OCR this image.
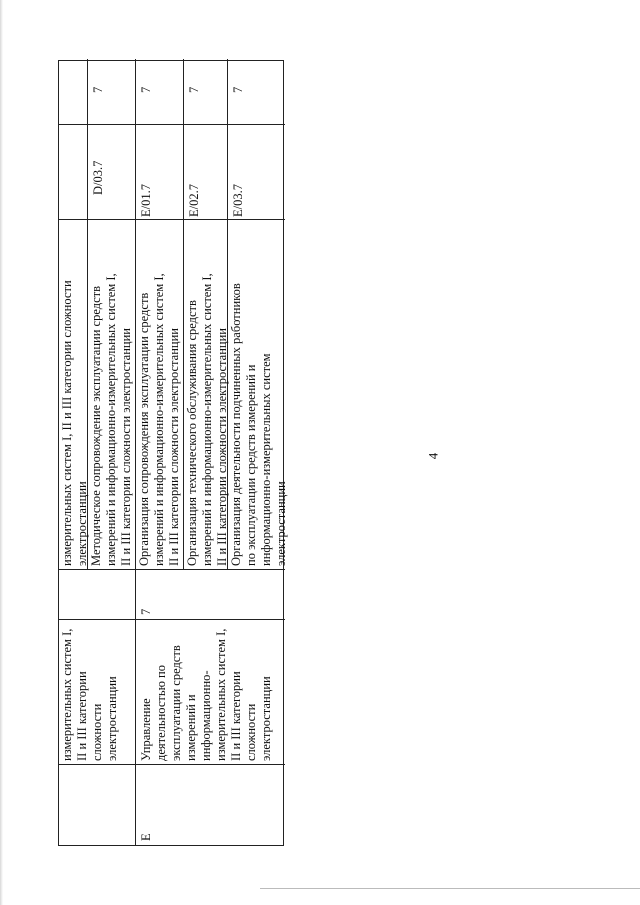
4
измерительных систем I,
II и III категории
сложности
электростанции
измерительных систем I, II и III категории сложности
электростанции Методическое сопровождение эксплуатации средств
измерений и информационно-измерительных систем I,
II и III категории сложности электростанции
D/03.7
7
E
Управление
деятельностью по
эксплуатации средств
измерений и
информационно-
измерительных систем I,
II и III категории
сложности
электростанции
7
Организация сопровождения эксплуатации средств
измерений и информационно-измерительных систем I,
II и III категории сложности электростанции
E/01.7
7
Организация технического обслуживания средств
измерений и информационно-измерительных систем I,
II и III категории сложности электростанции
E/02.7
7
Организация деятельности подчиненных работников
по эксплуатации средств измерений и
информационно-измерительных систем
электростанции
E/03.7
7
